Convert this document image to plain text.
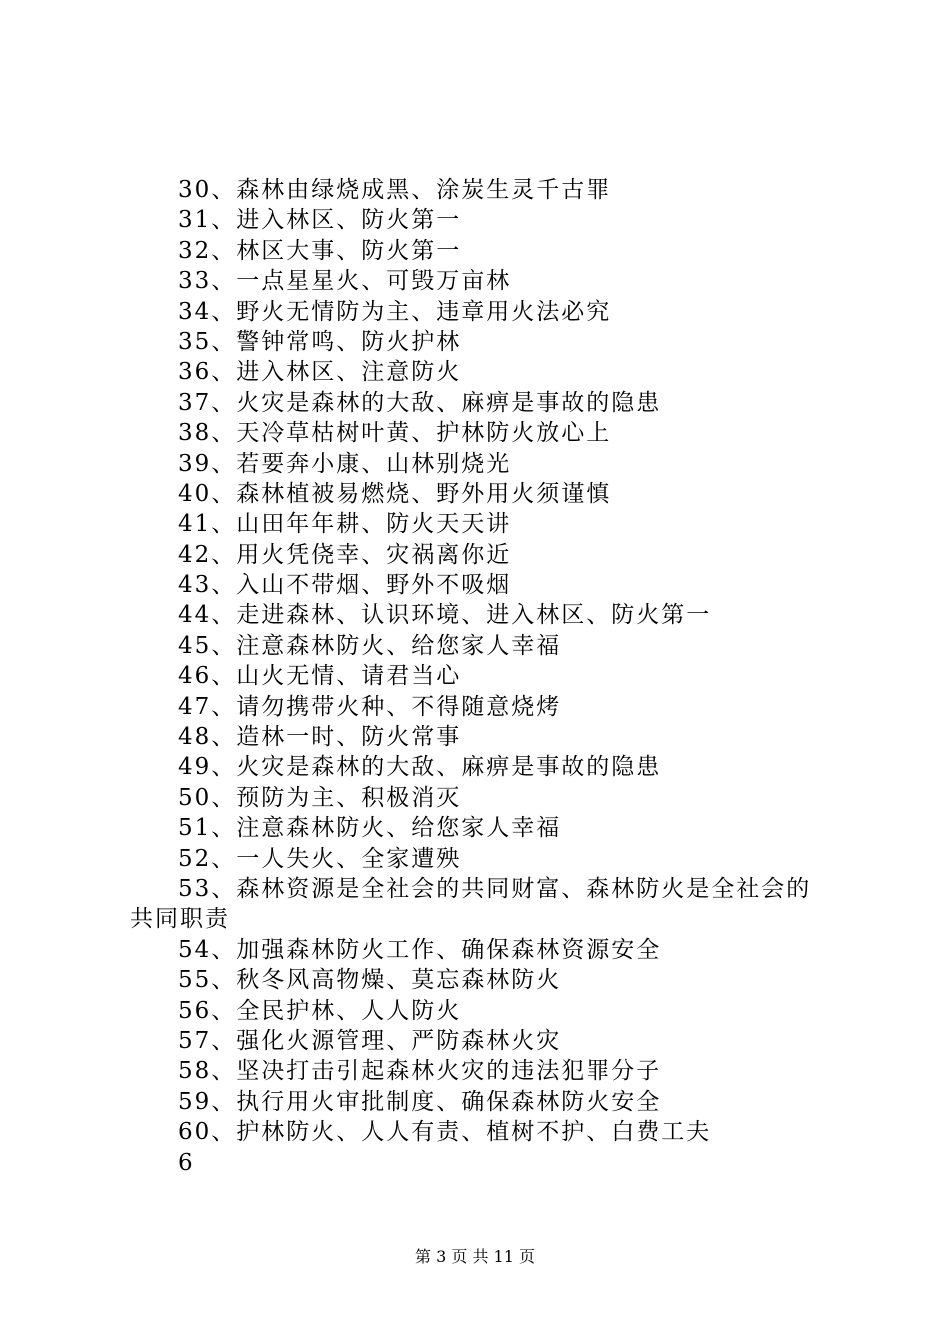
30、森林由绿烧成黑、涂炭生灵千古罪
31、进入林区、防火第一
32、林区大事、防火第一
33、一点星星火、可毁万亩林
34、野火无情防为主、违章用火法必究
35、警钟常鸣、防火护林
36、进入林区、注意防火
37、火灾是森林的大敌、麻痹是事故的隐患
38、天冷草枯树叶黄、护林防火放心上
39、若要奔小康、山林别烧光
40、森林植被易燃烧、野外用火须谨慎
41、山田年年耕、防火天天讲
42、用火凭侥幸、灾祸离你近
43、入山不带烟、野外不吸烟
44、走进森林、认识环境、进入林区、防火第一
45、注意森林防火、给您家人幸福
46、山火无情、请君当心
47、请勿携带火种、不得随意烧烤
48、造林一时、防火常事
49、火灾是森林的大敌、麻痹是事故的隐患
50、预防为主、积极消灭
51、注意森林防火、给您家人幸福
52、一人失火、全家遭殃
53、森林资源是全社会的共同财富、森林防火是全社会的
共同职责
54、加强森林防火工作、确保森林资源安全
55、秋冬风高物燥、莫忘森林防火
56、全民护林、人人防火
57、强化火源管理、严防森林火灾
58、坚决打击引起森林火灾的违法犯罪分子
59、执行用火审批制度、确保森林防火安全
60、护林防火、人人有责、植树不护、白费工夫
6
第 3 页 共 11 页
